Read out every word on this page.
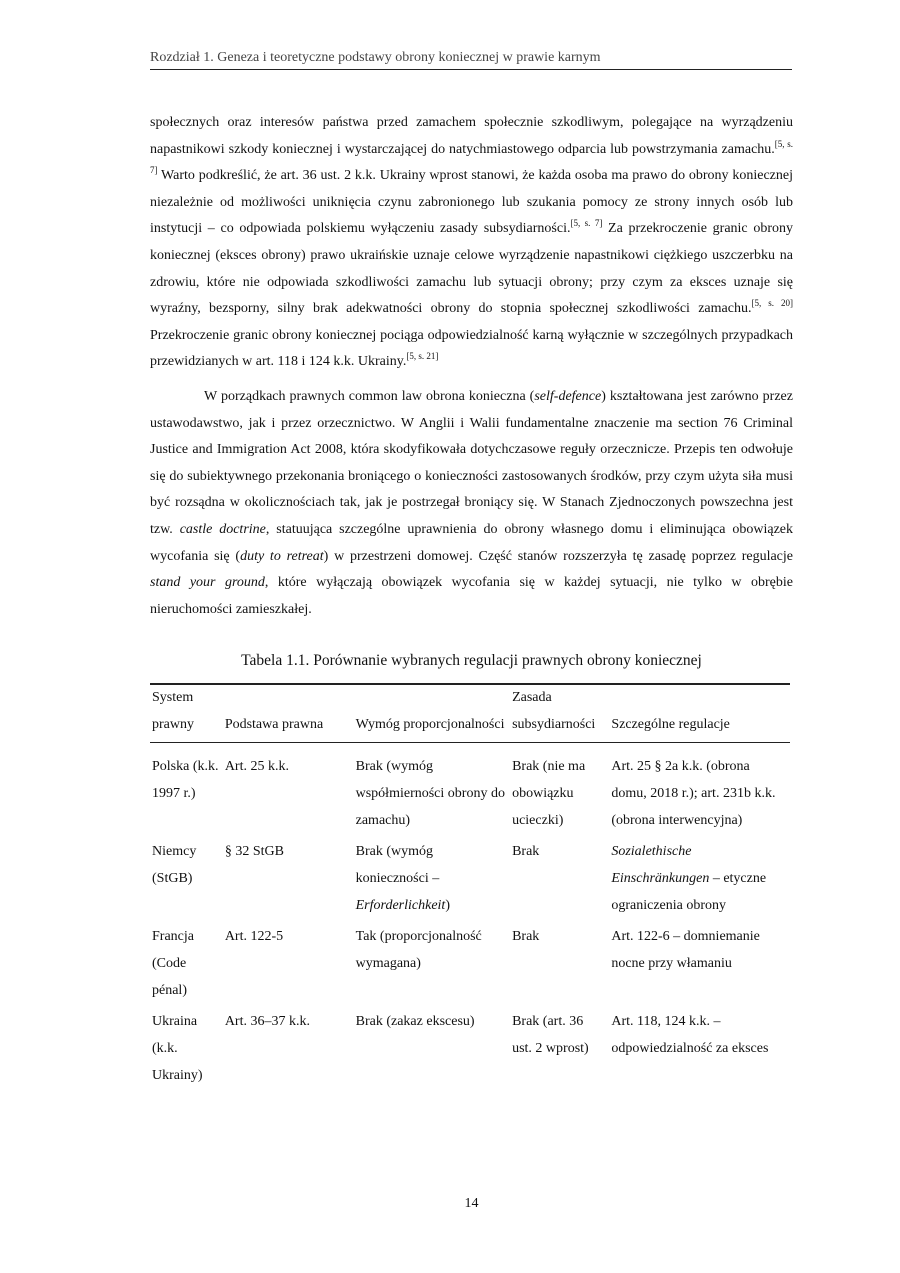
Rozdział 1. Geneza i teoretyczne podstawy obrony koniecznej w prawie karnym

społecznych oraz interesów państwa przed zamachem społecznie szkodliwym, polegające na wyrządzeniu napastnikowi szkody koniecznej i wystarczającej do natychmiastowego odparcia lub powstrzymania zamachu.[5, s. 7] Warto podkreślić, że art. 36 ust. 2 k.k. Ukrainy wprost stanowi, że każda osoba ma prawo do obrony koniecznej niezależnie od możliwości uniknięcia czynu zabronionego lub szukania pomocy ze strony innych osób lub instytucji – co odpowiada polskiemu wyłączeniu zasady subsydiarności.[5, s. 7] Za przekroczenie granic obrony koniecznej (eksces obrony) prawo ukraińskie uznaje celowe wyrządzenie napastnikowi ciężkiego uszczerbku na zdrowiu, które nie odpowiada szkodliwości zamachu lub sytuacji obrony; przy czym za eksces uznaje się wyraźny, bezsporny, silny brak adekwatności obrony do stopnia społecznej szkodliwości zamachu.[5, s. 20] Przekroczenie granic obrony koniecznej pociąga odpowiedzialność karną wyłącznie w szczególnych przypadkach przewidzianych w art. 118 i 124 k.k. Ukrainy.[5, s. 21]

W porządkach prawnych common law obrona konieczna (self-defence) kształtowana jest zarówno przez ustawodawstwo, jak i przez orzecznictwo. W Anglii i Walii fundamentalne znaczenie ma section 76 Criminal Justice and Immigration Act 2008, która skodyfikowała dotychczasowe reguły orzecznicze. Przepis ten odwołuje się do subiektywnego przekonania broniącego o konieczności zastosowanych środków, przy czym użyta siła musi być rozsądna w okolicznościach tak, jak je postrzegał broniący się. W Stanach Zjednoczonych powszechna jest tzw. castle doctrine, statuująca szczególne uprawnienia do obrony własnego domu i eliminująca obowiązek wycofania się (duty to retreat) w przestrzeni domowej. Część stanów rozszerzyła tę zasadę poprzez regulacje stand your ground, które wyłączają obowiązek wycofania się w każdej sytuacji, nie tylko w obrębie nieruchomości zamieszkałej.

Tabela 1.1. Porównanie wybranych regulacji prawnych obrony koniecznej
System prawny	Podstawa prawna	Wymóg proporcjonalności	Zasada subsydiarności	Szczególne regulacje
Polska (k.k. 1997 r.)	Art. 25 k.k.	Brak (wymóg współmierności obrony do zamachu)	Brak (nie ma obowiązku ucieczki)	Art. 25 § 2a k.k. (obrona domu, 2018 r.); art. 231b k.k. (obrona interwencyjna)
Niemcy (StGB)	§ 32 StGB	Brak (wymóg konieczności – Erforderlichkeit)	Brak	Sozialethische Einschränkungen – etyczne ograniczenia obrony
Francja (Code pénal)	Art. 122-5	Tak (proporcjonalność wymagana)	Brak	Art. 122-6 – domniemanie nocne przy włamaniu
Ukraina (k.k. Ukrainy)	Art. 36–37 k.k.	Brak (zakaz ekscesu)	Brak (art. 36 ust. 2 wprost)	Art. 118, 124 k.k. – odpowiedzialność za eksces
14
